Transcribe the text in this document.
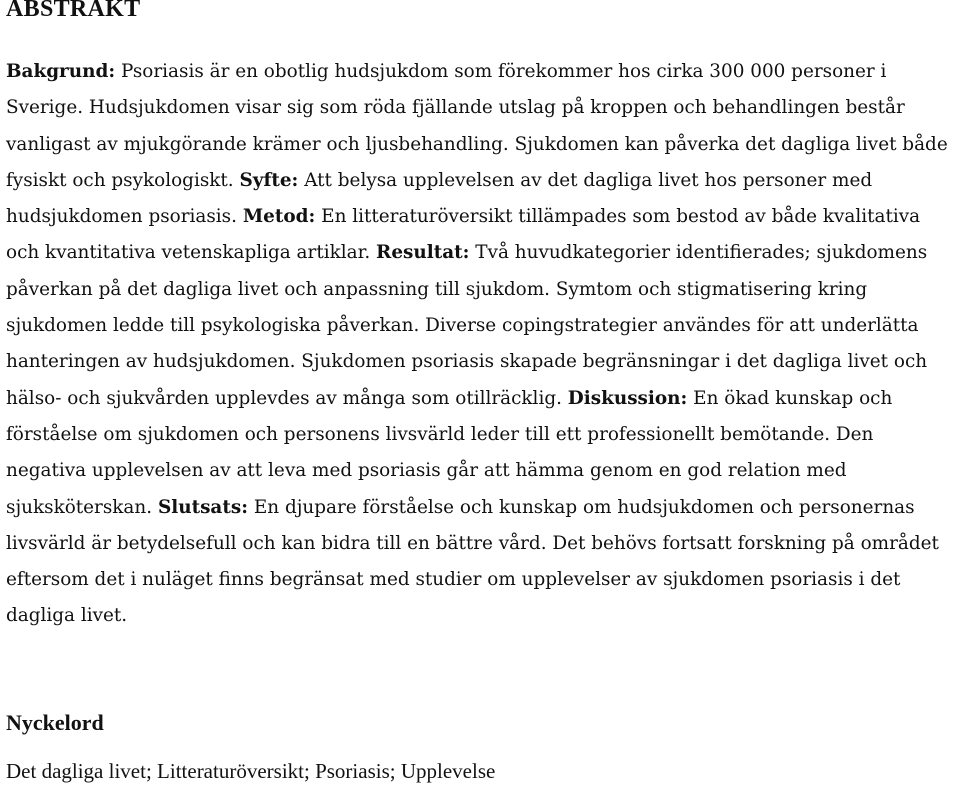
ABSTRAKT

Bakgrund: Psoriasis är en obotlig hudsjukdom som förekommer hos cirka 300 000 personer i Sverige. Hudsjukdomen visar sig som röda fjällande utslag på kroppen och behandlingen består vanligast av mjukgörande krämer och ljusbehandling. Sjukdomen kan påverka det dagliga livet både fysiskt och psykologiskt. Syfte: Att belysa upplevelsen av det dagliga livet hos personer med hudsjukdomen psoriasis. Metod: En litteraturöversikt tillämpades som bestod av både kvalitativa och kvantitativa vetenskapliga artiklar. Resultat: Två huvudkategorier identifierades; sjukdomens påverkan på det dagliga livet och anpassning till sjukdom. Symtom och stigmatisering kring sjukdomen ledde till psykologiska påverkan. Diverse copingstrategier användes för att underlätta hanteringen av hudsjukdomen. Sjukdomen psoriasis skapade begränsningar i det dagliga livet och hälso- och sjukvården upplevdes av många som otillräcklig. Diskussion: En ökad kunskap och förståelse om sjukdomen och personens livsvärld leder till ett professionellt bemötande. Den negativa upplevelsen av att leva med psoriasis går att hämma genom en god relation med sjuksköterskan. Slutsats: En djupare förståelse och kunskap om hudsjukdomen och personernas livsvärld är betydelsefull och kan bidra till en bättre vård. Det behövs fortsatt forskning på området eftersom det i nuläget finns begränsat med studier om upplevelser av sjukdomen psoriasis i det dagliga livet.

Nyckelord

Det dagliga livet; Litteraturöversikt; Psoriasis; Upplevelse
